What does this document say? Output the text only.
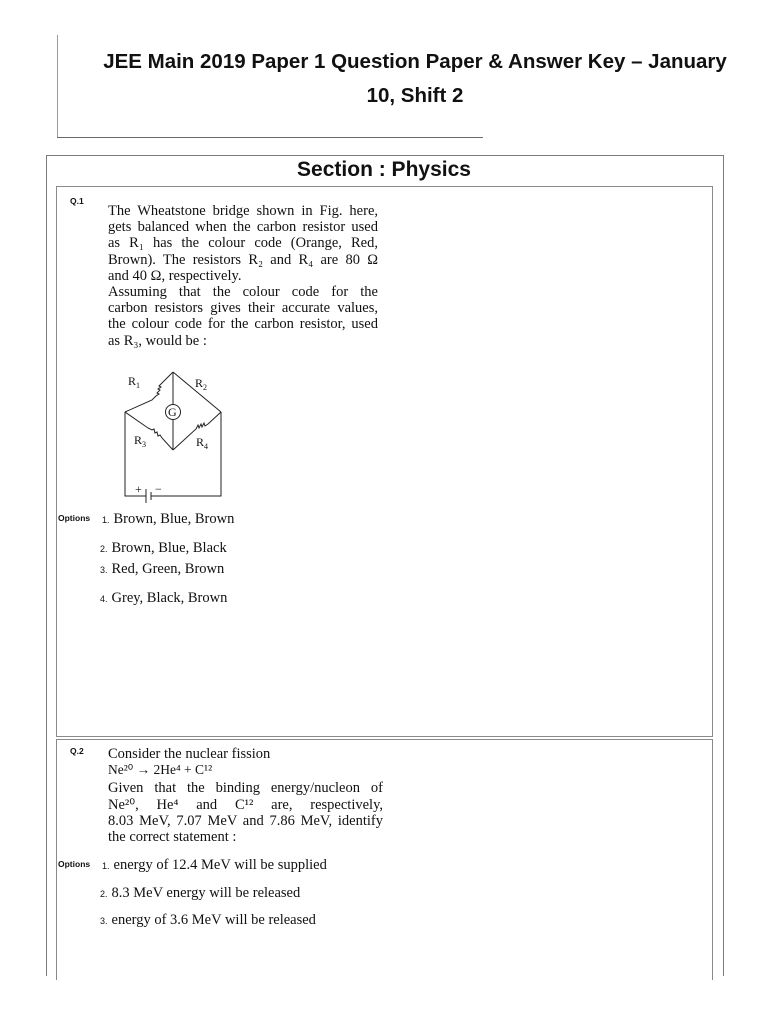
JEE Main 2019 Paper 1 Question Paper & Answer Key – January
10, Shift 2
Section : Physics
Q.1
The Wheatstone bridge shown in Fig. here,
gets balanced when the carbon resistor used
as R₁ has the colour code (Orange, Red,
Brown). The resistors R₂ and R₄ are 80 Ω
and 40 Ω, respectively.
Assuming that the colour code for the
carbon resistors gives their accurate values,
the colour code for the carbon resistor, used
as R₃, would be :
$R_1$	$R_2$
G
$R_3$	$R_4$
+ −
Options 1. Brown, Blue, Brown
2. Brown, Blue, Black
3. Red, Green, Brown
4. Grey, Black, Brown
Q.2 Consider the nuclear fission
Ne²⁰ → 2He⁴ + C¹²
Given that the binding energy/nucleon of
Ne²⁰, He⁴ and C¹² are, respectively,
8.03 MeV, 7.07 MeV and 7.86 MeV, identify
the correct statement :
Options 1. energy of 12.4 MeV will be supplied
2. 8.3 MeV energy will be released
3. energy of 3.6 MeV will be released
